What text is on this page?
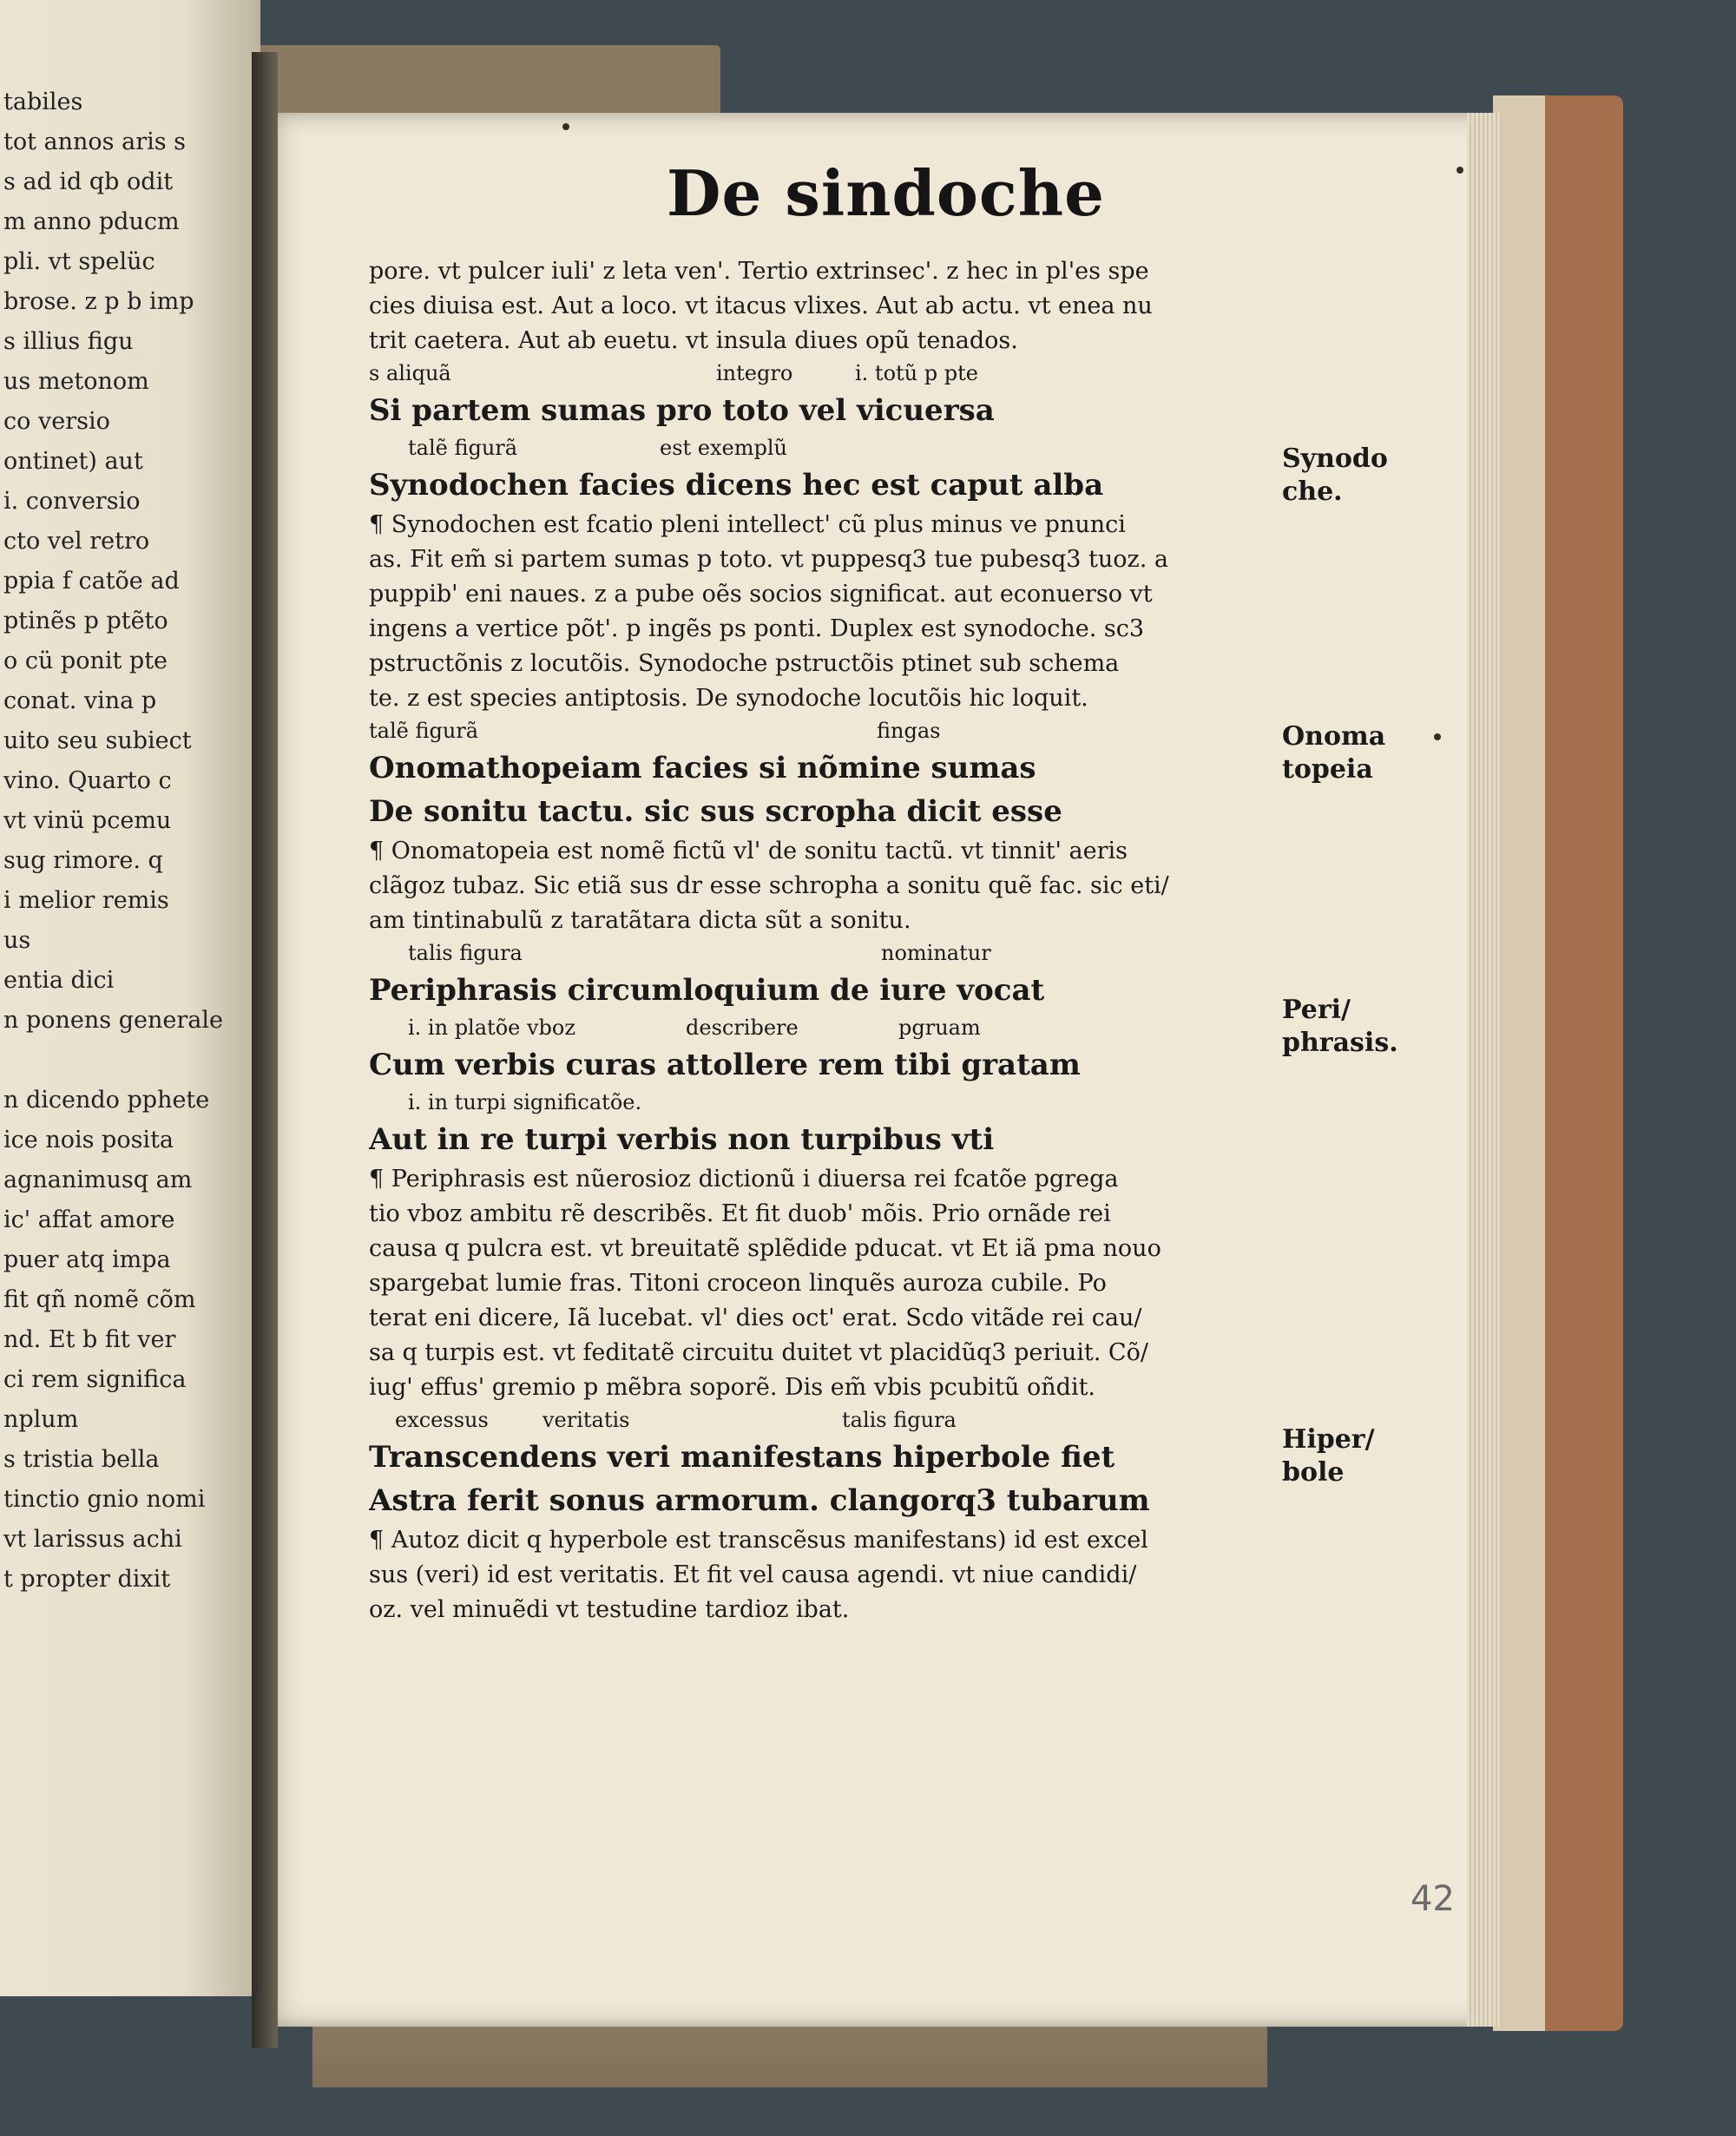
tabiles
tot annos aris s
s ad id qb odit
m anno pducm
pli. vt spelüc
brose. z p b imp
s illius figu
us metonom
co versio
ontinet) aut
i. conversio
cto vel retro
ppia f catõe ad
ptinẽs p ptẽto
o cü ponit pte
conat. vina p
uito seu subiect
vino. Quarto c
vt vinü pcemu
sug rimore. q
i melior remis
us
entia dici
n ponens generale
n dicendo pphete
ice nois posita
agnanimusq am
ic' affat amore
puer atq impa
fit qñ nomẽ cõm
nd. Et b fit ver
ci rem significa
nplum
s tristia bella
tinctio gnio nomi
vt larissus achi
t propter dixit
De sindoche
pore. vt pulcer iuli' z leta ven'. Tertio extrinsec'. z hec in pl'es spe
cies diuisa est. Aut a loco. vt itacus vlixes. Aut ab actu. vt enea nu
trit caetera. Aut ab euetu. vt insula diues opũ tenados.
s aliquã	integro	i. totũ p pte
Si partem sumas pro toto vel vicuersa
talẽ figurã	est exemplũ
Synodochen facies dicens hec est caput alba
¶ Synodochen est fcatio pleni intellect' cũ plus minus ve pnunci
as. Fit em̃ si partem sumas p toto. vt puppesq3 tue pubesq3 tuoz. a
puppib' eni naues. z a pube oẽs socios significat. aut econuerso vt
ingens a vertice põt'. p ingẽs ps ponti. Duplex est synodoche. sc3
pstructõnis z locutõis. Synodoche pstructõis ptinet sub schema
te. z est species antiptosis. De synodoche locutõis hic loquit.
talẽ figurã	fingas
Onomathopeiam facies si nõmine sumas
De sonitu tactu. sic sus scropha dicit esse
¶ Onomatopeia est nomẽ fictũ vl' de sonitu tactũ. vt tinnit' aeris
clãgoz tubaz. Sic etiã sus dr esse schropha a sonitu quẽ fac. sic eti/
am tintinabulũ z taratãtara dicta sũt a sonitu.
talis figura	nominatur
Periphrasis circumloquium de iure vocat
i. in platõe vboz	describere	pgruam
Cum verbis curas attollere rem tibi gratam
i. in turpi significatõe.
Aut in re turpi verbis non turpibus vti
¶ Periphrasis est nũerosioz dictionũ i diuersa rei fcatõe pgrega
tio vboz ambitu rẽ describẽs. Et fit duob' mõis. Prio ornãde rei
causa q pulcra est. vt breuitatẽ splẽdide pducat. vt Et iã pma nouo
spargebat lumie fras. Titoni croceon linquẽs auroza cubile. Po
terat eni dicere, Iã lucebat. vl' dies oct' erat. Scdo vitãde rei cau/
sa q turpis est. vt feditatẽ circuitu duitet vt placidũq3 periuit. Cõ/
iug' effus' gremio p mẽbra soporẽ. Dis em̃ vbis pcubitũ oñdit.
excessus	veritatis	talis figura
Transcendens veri manifestans hiperbole fiet
Astra ferit sonus armorum. clangorq3 tubarum
¶ Autoz dicit q hyperbole est transcẽsus manifestans) id est excel
sus (veri) id est veritatis. Et fit vel causa agendi. vt niue candidi/
oz. vel minuẽdi vt testudine tardioz ibat.
Synodo che.
Onoma topeia
Peri/ phrasis.
Hiper/ bole
42
